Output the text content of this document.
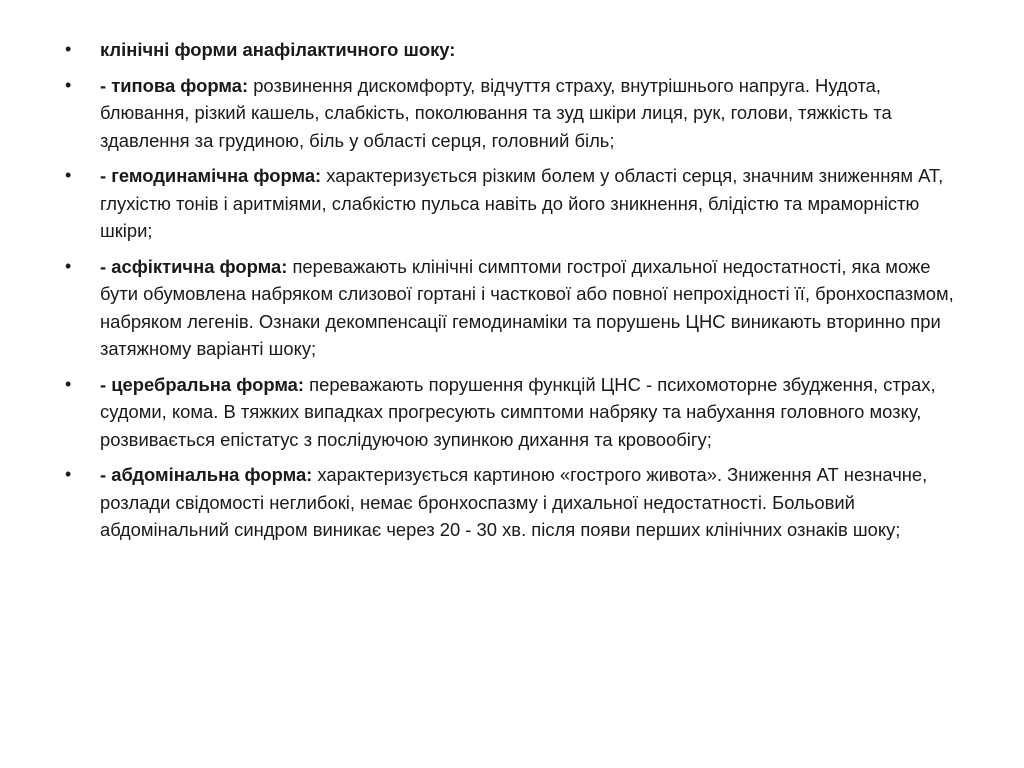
•	клінічні форми анафілактичного шоку:
•	- типова форма: розвинення дискомфорту, відчуття страху, внутрішнього напруга. Нудота, блювання, різкий кашель, слабкість, поколювання та зуд шкіри лиця, рук, голови, тяжкість та здавлення за грудиною, біль у області серця, головний біль;
•	- гемодинамічна форма: характеризується різким болем у області серця, значним зниженням АТ, глухістю тонів і аритміями, слабкістю пульса навіть до його зникнення, блідістю та мраморністю шкіри;
•	- асфіктична форма: переважають клінічні симптоми гострої дихальної недостатності, яка може бути обумовлена набряком слизової гортані і часткової або повної непрохідності її, бронхоспазмом, набряком легенів. Ознаки декомпенсації гемодинаміки та порушень ЦНС виникають вторинно при затяжному варіанті шоку;
•	- церебральна форма: переважають порушення функцій ЦНС - психомоторне збудження, страх, судоми, кома. В тяжких випадках прогресують симптоми набряку та набухання головного мозку, розвивається епістатус з послідуючою зупинкою дихання та кровообігу;
•	- абдомінальна форма: характеризується картиною «гострого живота». Зниження АТ незначне, розлади свідомості неглибокі, немає бронхоспазму і дихальної недостатності. Больовий абдомінальний синдром виникає через 20 - 30 хв. після появи перших клінічних ознаків шоку;
